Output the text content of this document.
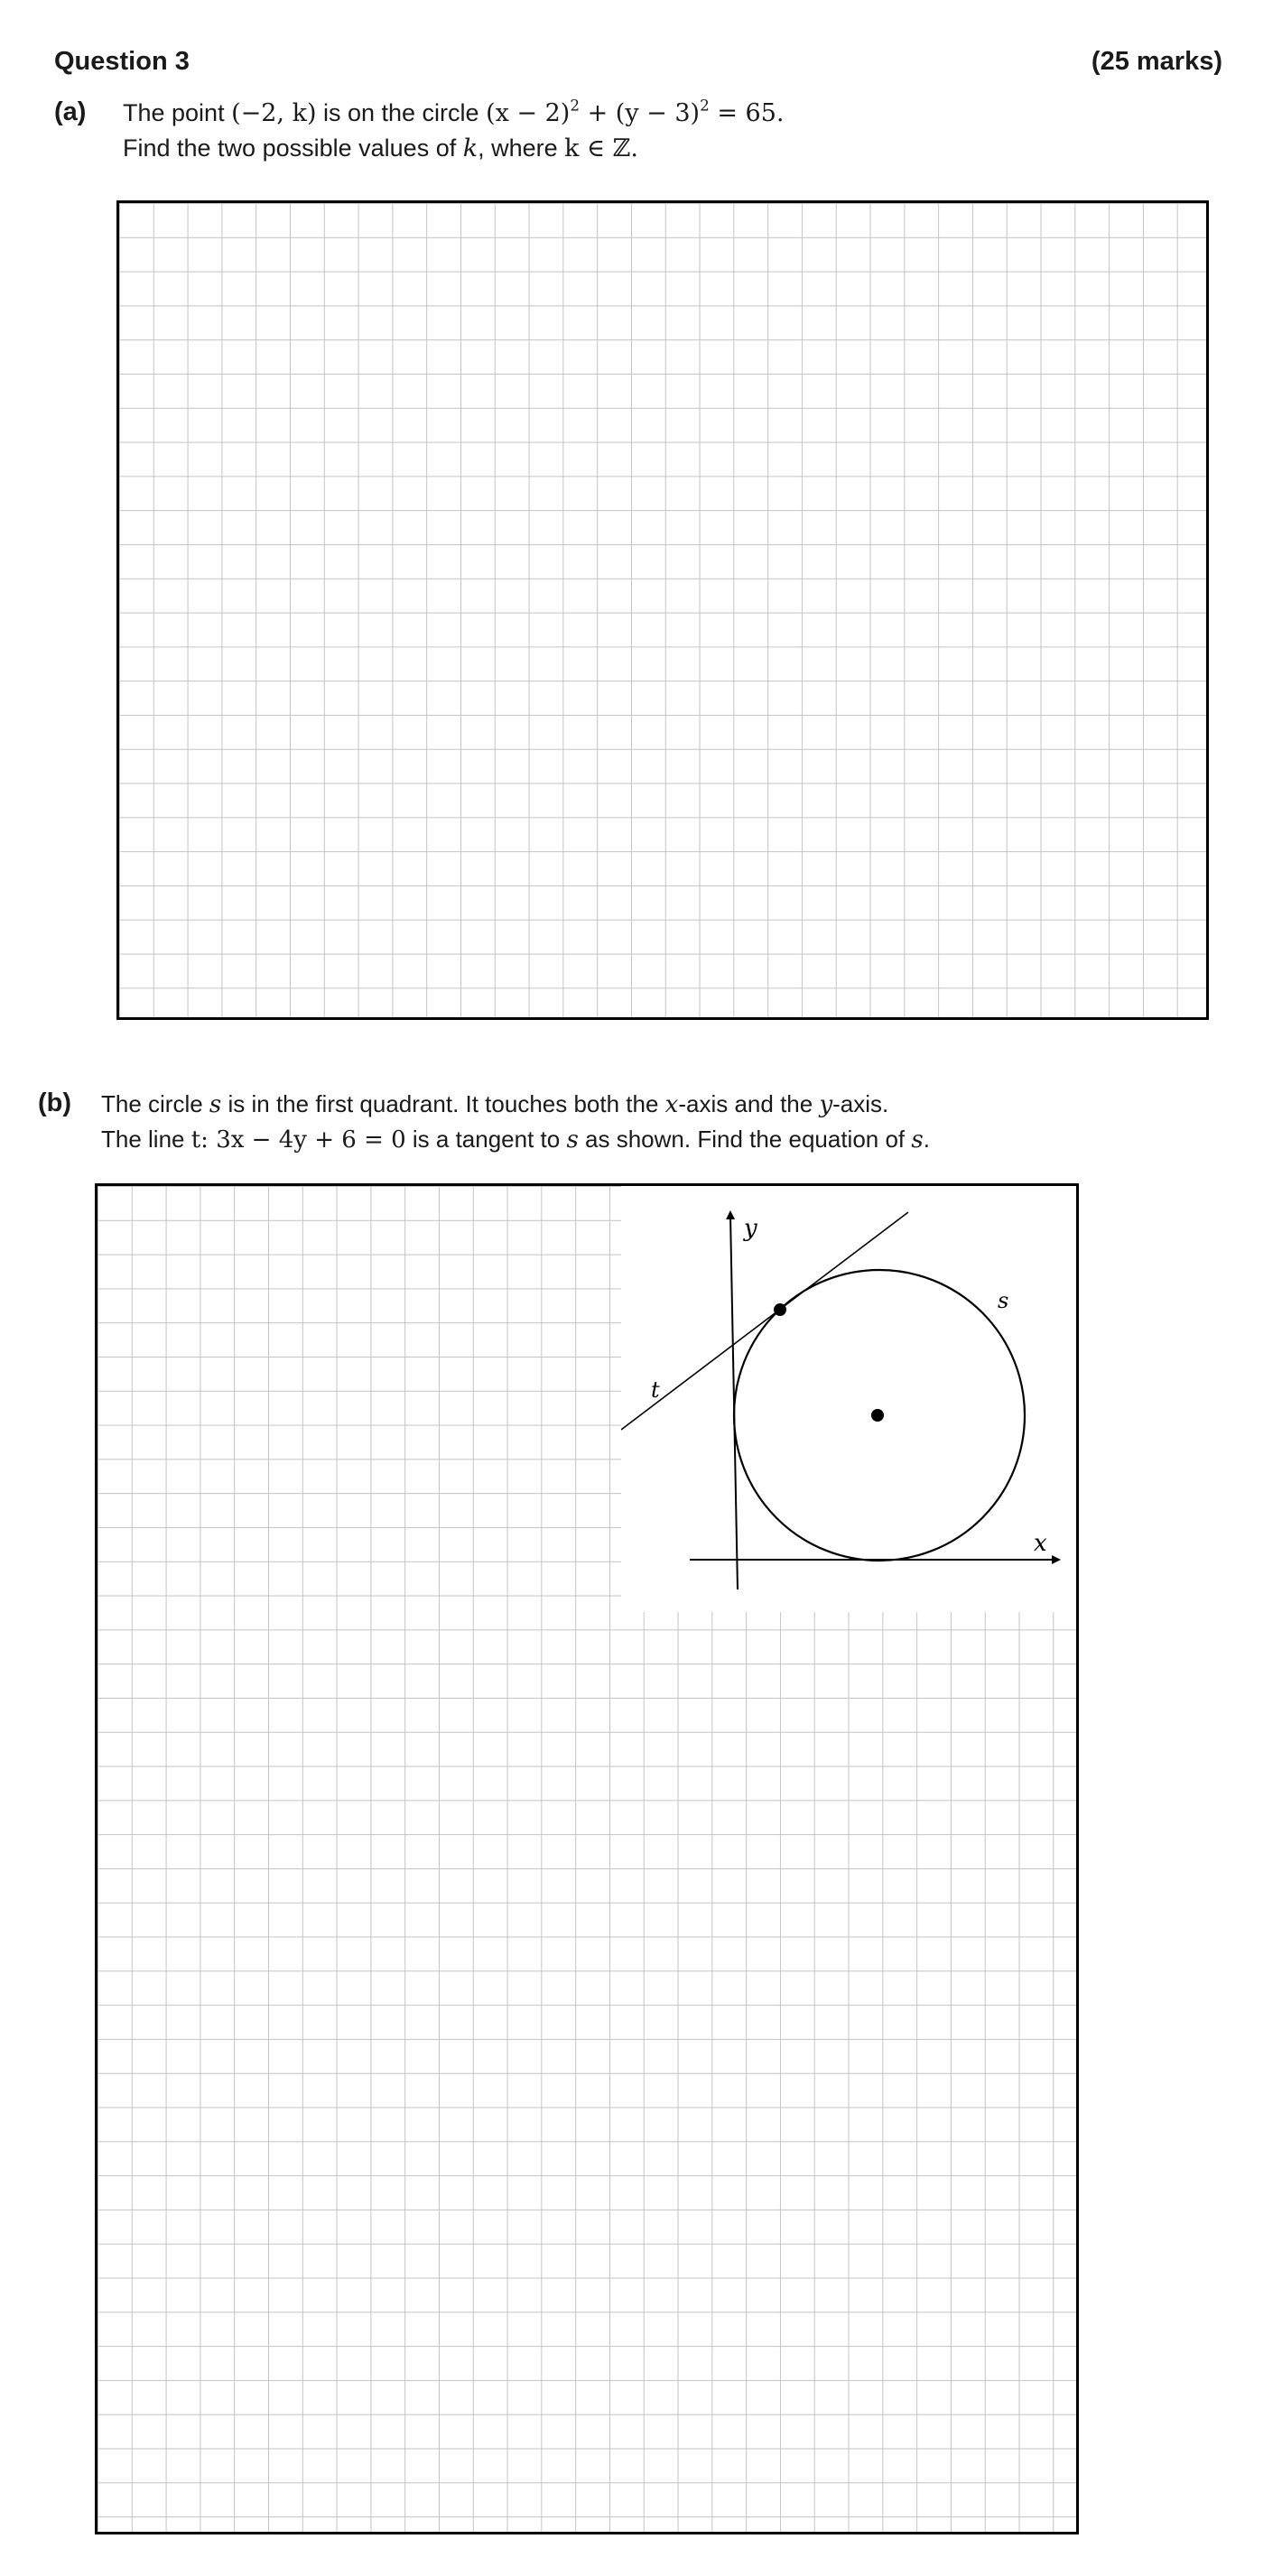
Question 3	(25 marks)
(a) The point (−2, k) is on the circle $(x - 2)^2 + (y - 3)^2 = 65$.
Find the two possible values of k, where k ∈ ℤ.
(b) The circle s is in the first quadrant. It touches both the x-axis and the y-axis.
The line t: 3x − 4y + 6 = 0 is a tangent to s as shown. Find the equation of s.
y
x
s
t
